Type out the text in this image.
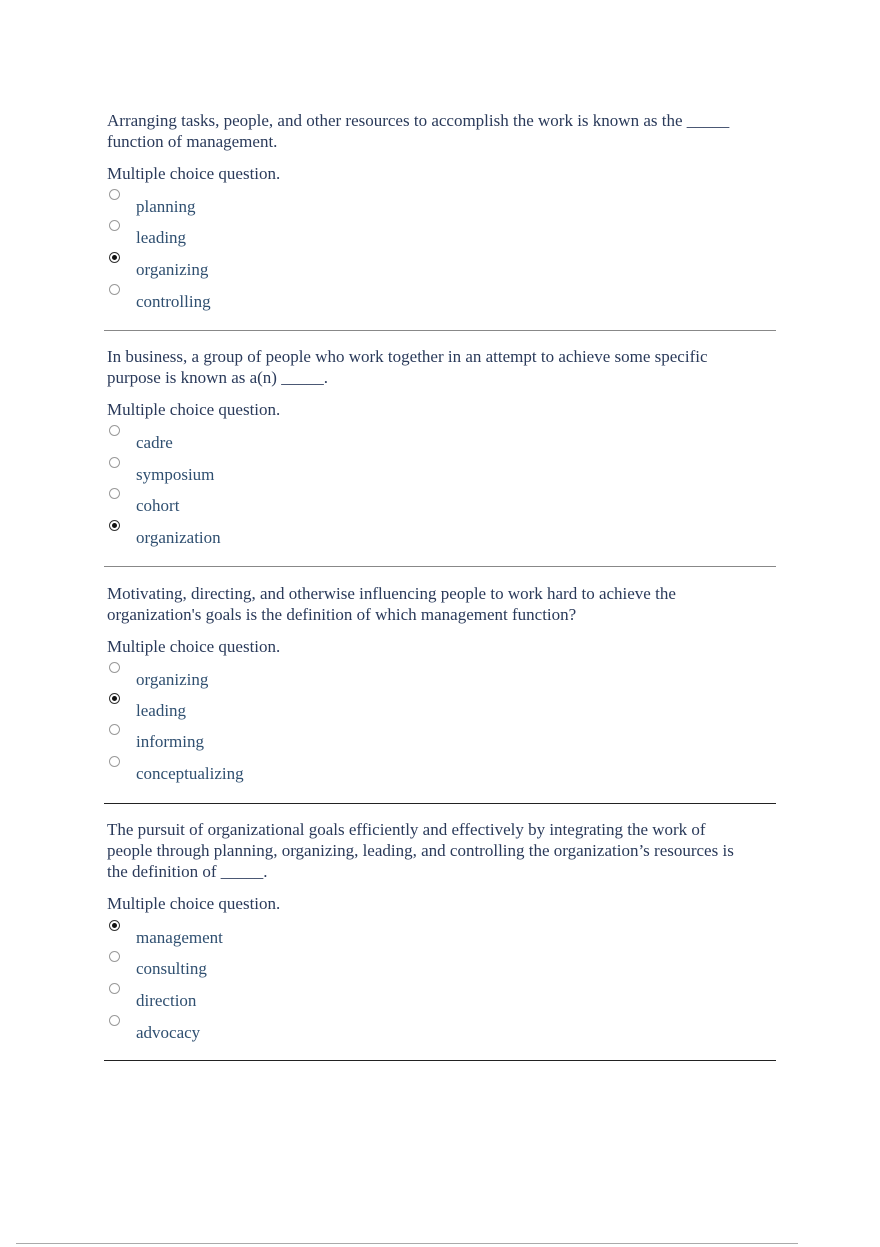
Arranging tasks, people, and other resources to accomplish the work is known as the _____ function of management.
Multiple choice question.
planning
leading
organizing
controlling
In business, a group of people who work together in an attempt to achieve some specific purpose is known as a(n) _____.
Multiple choice question.
cadre
symposium
cohort
organization
Motivating, directing, and otherwise influencing people to work hard to achieve the organization's goals is the definition of which management function?
Multiple choice question.
organizing
leading
informing
conceptualizing
The pursuit of organizational goals efficiently and effectively by integrating the work of people through planning, organizing, leading, and controlling the organization’s resources is the definition of _____.
Multiple choice question.
management
consulting
direction
advocacy
